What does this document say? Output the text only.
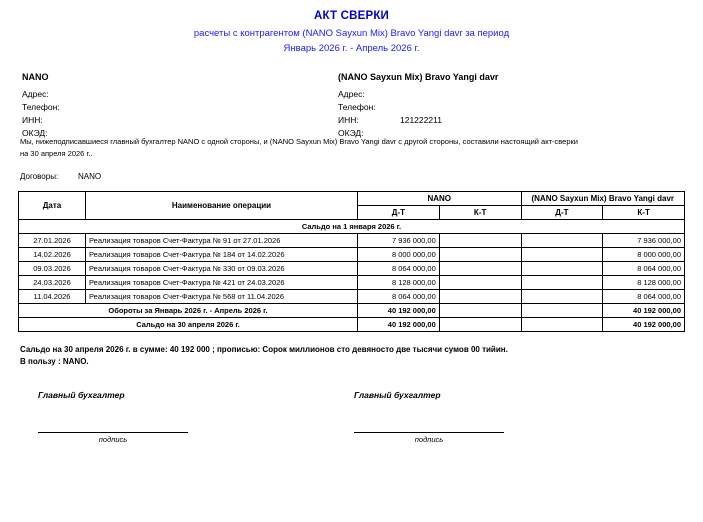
АКТ СВЕРКИ
расчеты с контрагентом (NANO Sayxun Mix) Bravo Yangi davr за период
Январь 2026 г. - Апрель 2026 г.
NANO
Адрес:
Телефон:
ИНН:
ОКЭД:
(NANO Sayxun Mix) Bravo Yangi davr
Адрес:
Телефон:
ИНН:	121222211
ОКЭД:
Мы, нижеподписавшиеся главный бухгалтер NANO с одной стороны, и (NANO Sayxun Mix) Bravo Yangi davr с другой стороны, составили настоящий акт-сверки
на 30 апреля 2026 г..
Договоры: NANO
Дата	Наименование операции	NANO		(NANO Sayxun Mix) Bravo Yangi davr	
		Д-Т	К-Т	Д-Т	К-Т
Сальдо на 1 января 2026 г.					
27.01.2026	Реализация товаров Счет-Фактура № 91 от 27.01.2026	7 936 000,00			7 936 000,00
14.02.2026	Реализация товаров Счет-Фактура № 184 от 14.02.2026	8 000 000,00			8 000 000,00
09.03.2026	Реализация товаров Счет-Фактура № 330 от 09.03.2026	8 064 000,00			8 064 000,00
24.03.2026	Реализация товаров Счет-Фактура № 421 от 24.03.2026	8 128 000,00			8 128 000,00
11.04.2026	Реализация товаров Счет-Фактура № 568 от 11.04.2026	8 064 000,00			8 064 000,00
Обороты за Январь 2026 г. - Апрель 2026 г.		40 192 000,00			40 192 000,00
Сальдо на 30 апреля 2026 г.		40 192 000,00			40 192 000,00
Сальдо на 30 апреля 2026 г. в сумме: 40 192 000 ; прописью: Сорок миллионов сто девяносто две тысячи сумов 00 тийин.
В пользу : NANO.
Главный бухгалтер
подпись
Главный бухгалтер
подпись
